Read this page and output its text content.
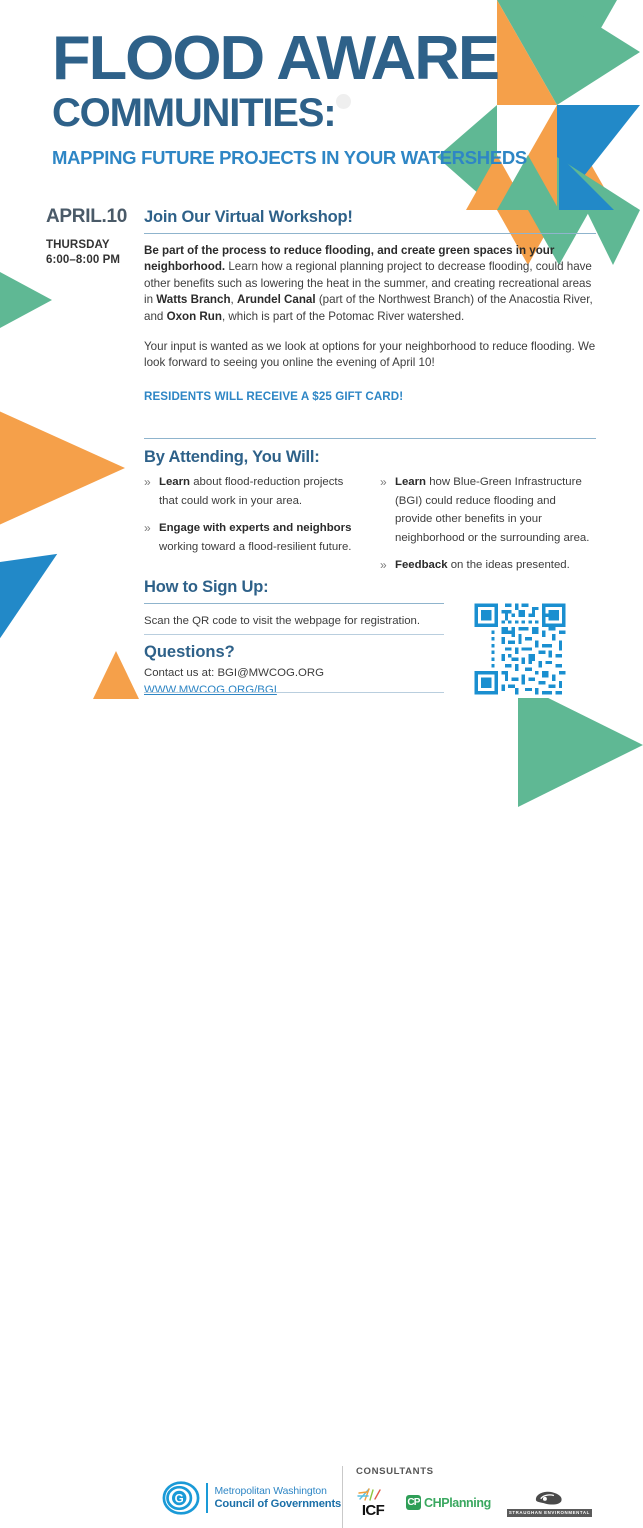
FLOOD AWARE
COMMUNITIES:
MAPPING FUTURE PROJECTS IN YOUR WATERSHEDS
APRIL.10
THURSDAY
6:00–8:00 PM
Join Our Virtual Workshop!

Be part of the process to reduce flooding, and create green spaces in your neighborhood. Learn how a regional planning project to decrease flooding, could have other benefits such as lowering the heat in the summer, and creating recreational areas in Watts Branch, Arundel Canal (part of the Northwest Branch) of the Anacostia River, and Oxon Run, which is part of the Potomac River watershed.

Your input is wanted as we look at options for your neighborhood to reduce flooding. We look forward to seeing you online the evening of April 10!

RESIDENTS WILL RECEIVE A $25 GIFT CARD!
By Attending, You Will:
» Learn about flood-reduction projects that could work in your area.
» Engage with experts and neighbors working toward a flood-resilient future.
» Learn how Blue-Green Infrastructure (BGI) could reduce flooding and provide other benefits in your neighborhood or the surrounding area.
» Feedback on the ideas presented.
How to Sign Up:

Scan the QR code to visit the webpage for registration.

Questions?
Contact us at: BGI@MWCOG.ORG
WWW.MWCOG.ORG/BGI
G
Metropolitan Washington
Council of Governments
CONSULTANTS
ICF CP CHPlanning
STRAUGHAN ENVIRONMENTAL
